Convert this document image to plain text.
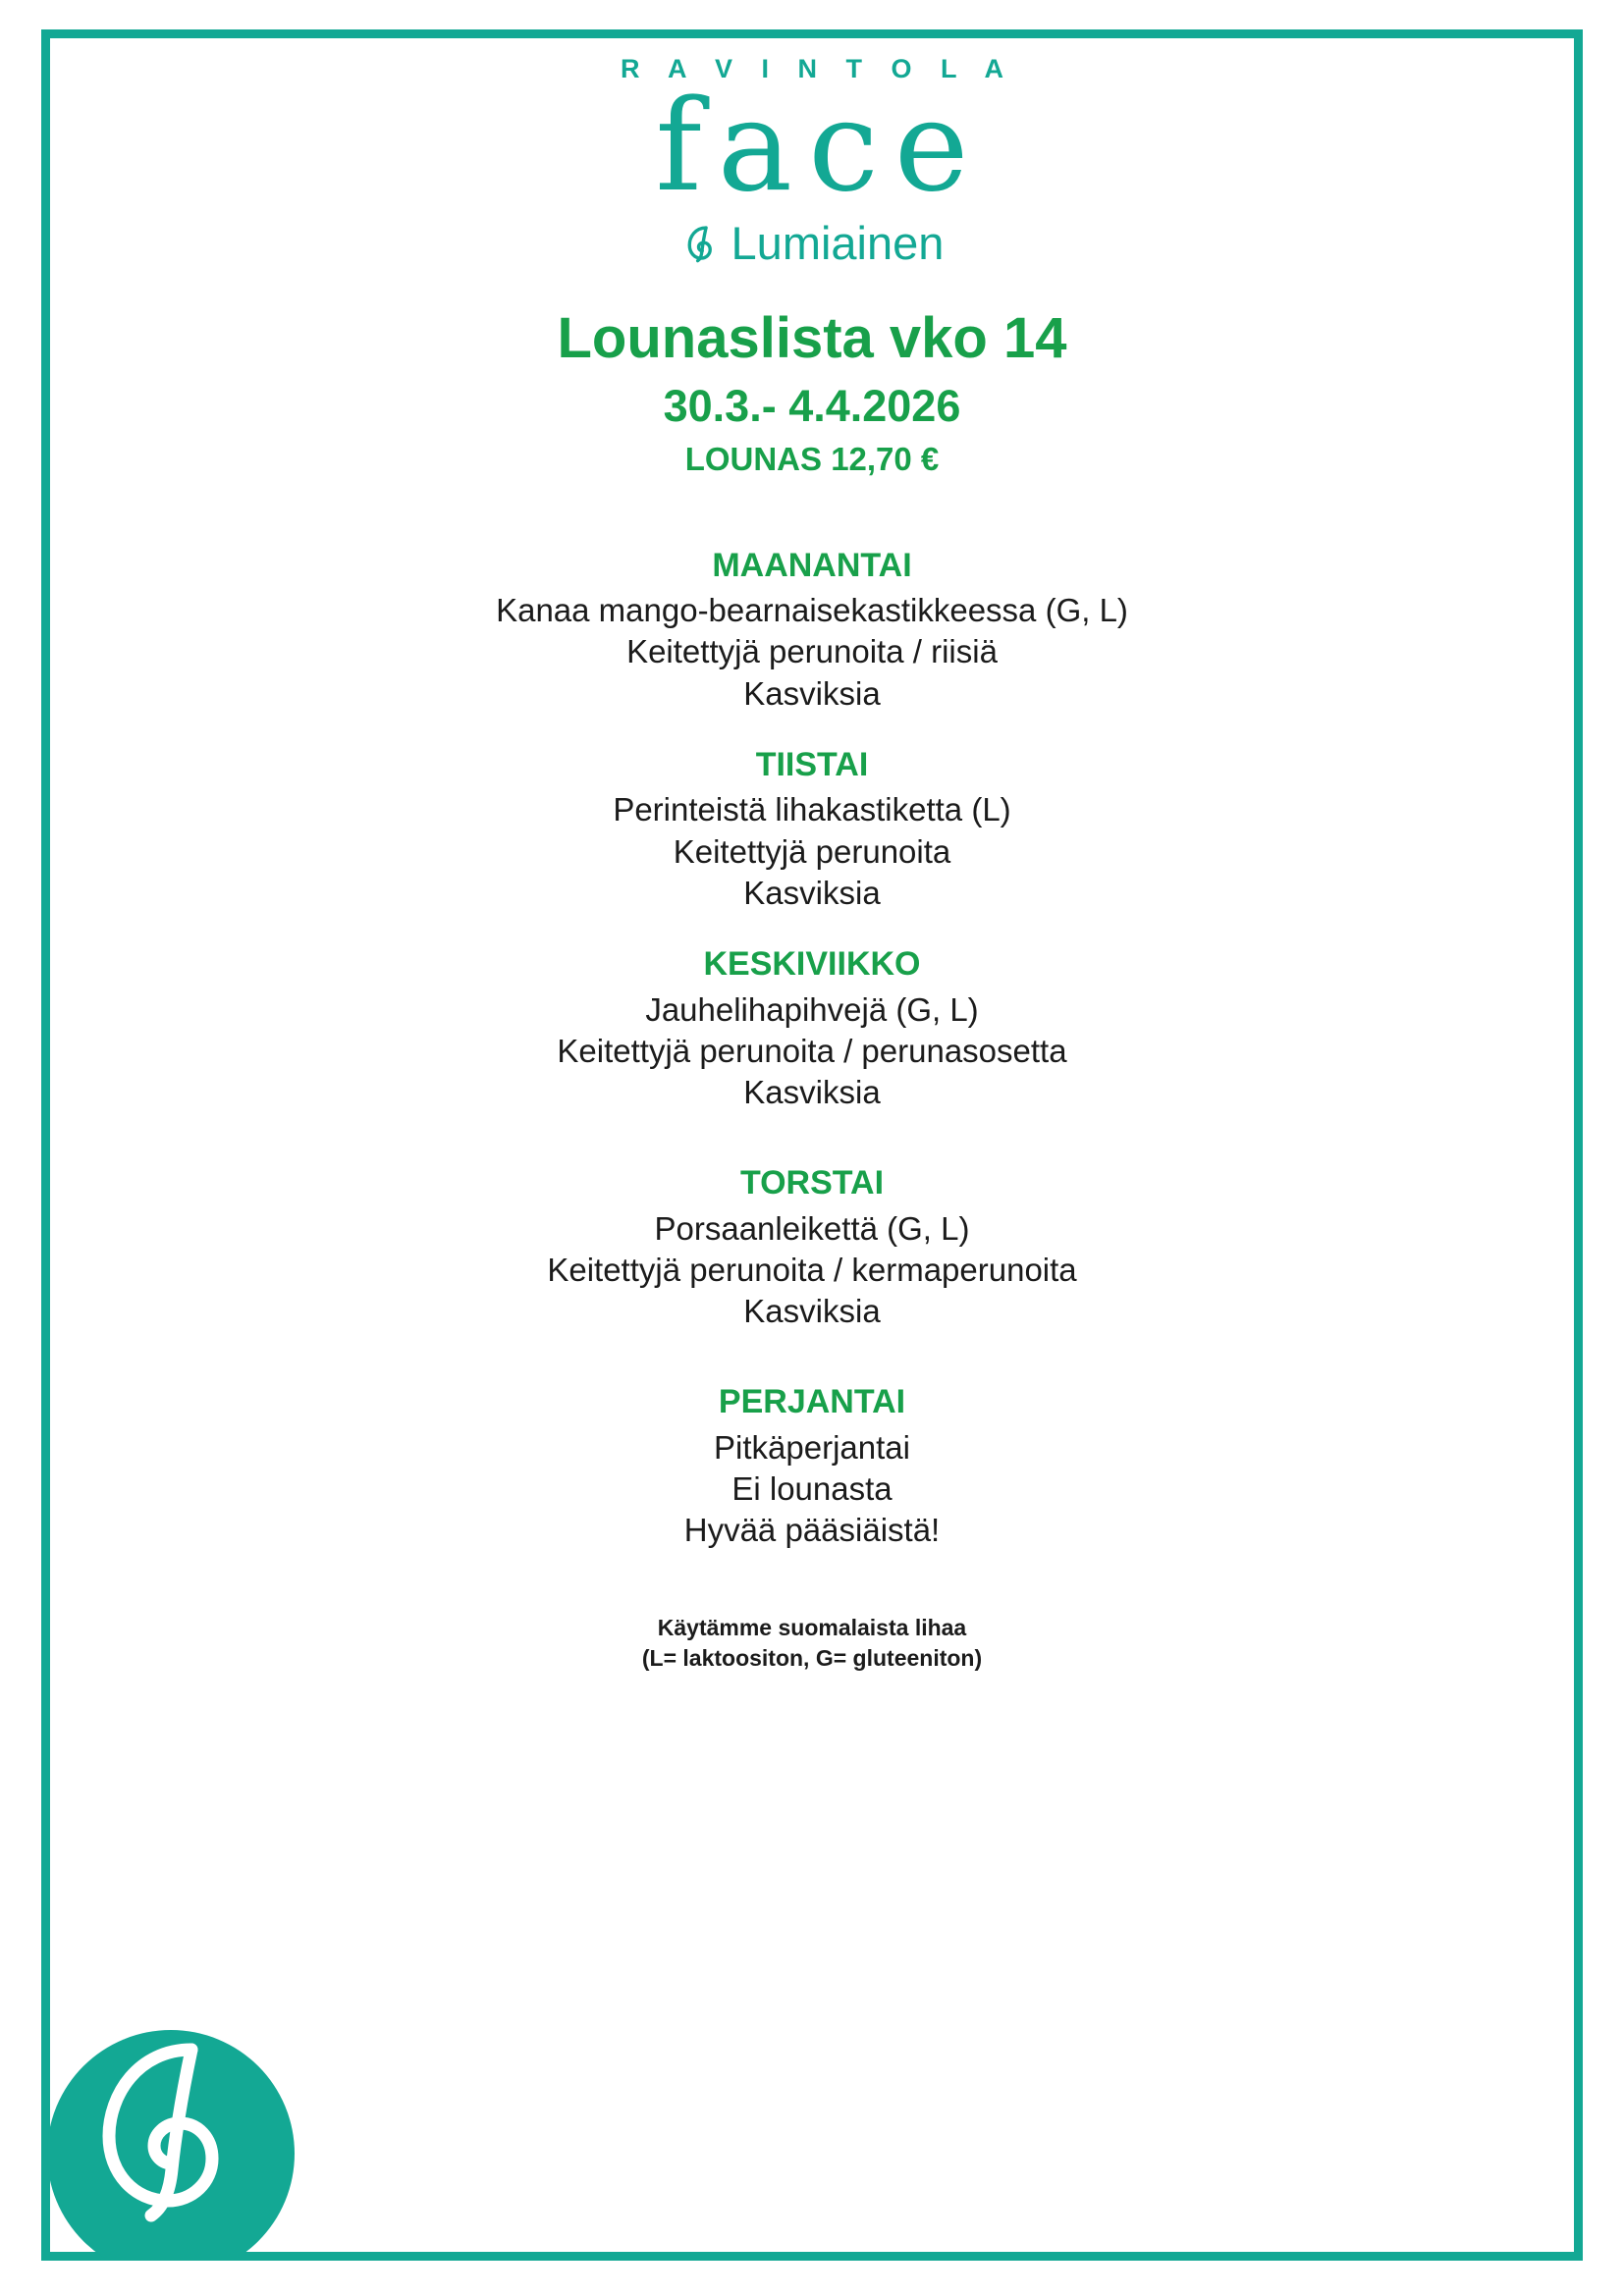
R A V I N T O L A
face
Lumiainen
Lounaslista vko 14
30.3.- 4.4.2026
LOUNAS 12,70 €
MAANANTAI
Kanaa mango-bearnaisekastikkeessa (G, L)
Keitettyjä perunoita / riisiä
Kasviksia
TIISTAI
Perinteistä lihakastiketta (L)
Keitettyjä perunoita
Kasviksia
KESKIVIIKKO
Jauhelihapihvejä (G, L)
Keitettyjä perunoita / perunasosetta
Kasviksia
TORSTAI
Porsaanleikettä (G, L)
Keitettyjä perunoita / kermaperunoita
Kasviksia
PERJANTAI
Pitkäperjantai
Ei lounasta
Hyvää pääsiäistä!
Käytämme suomalaista lihaa
(L= laktoositon, G= gluteeniton)
